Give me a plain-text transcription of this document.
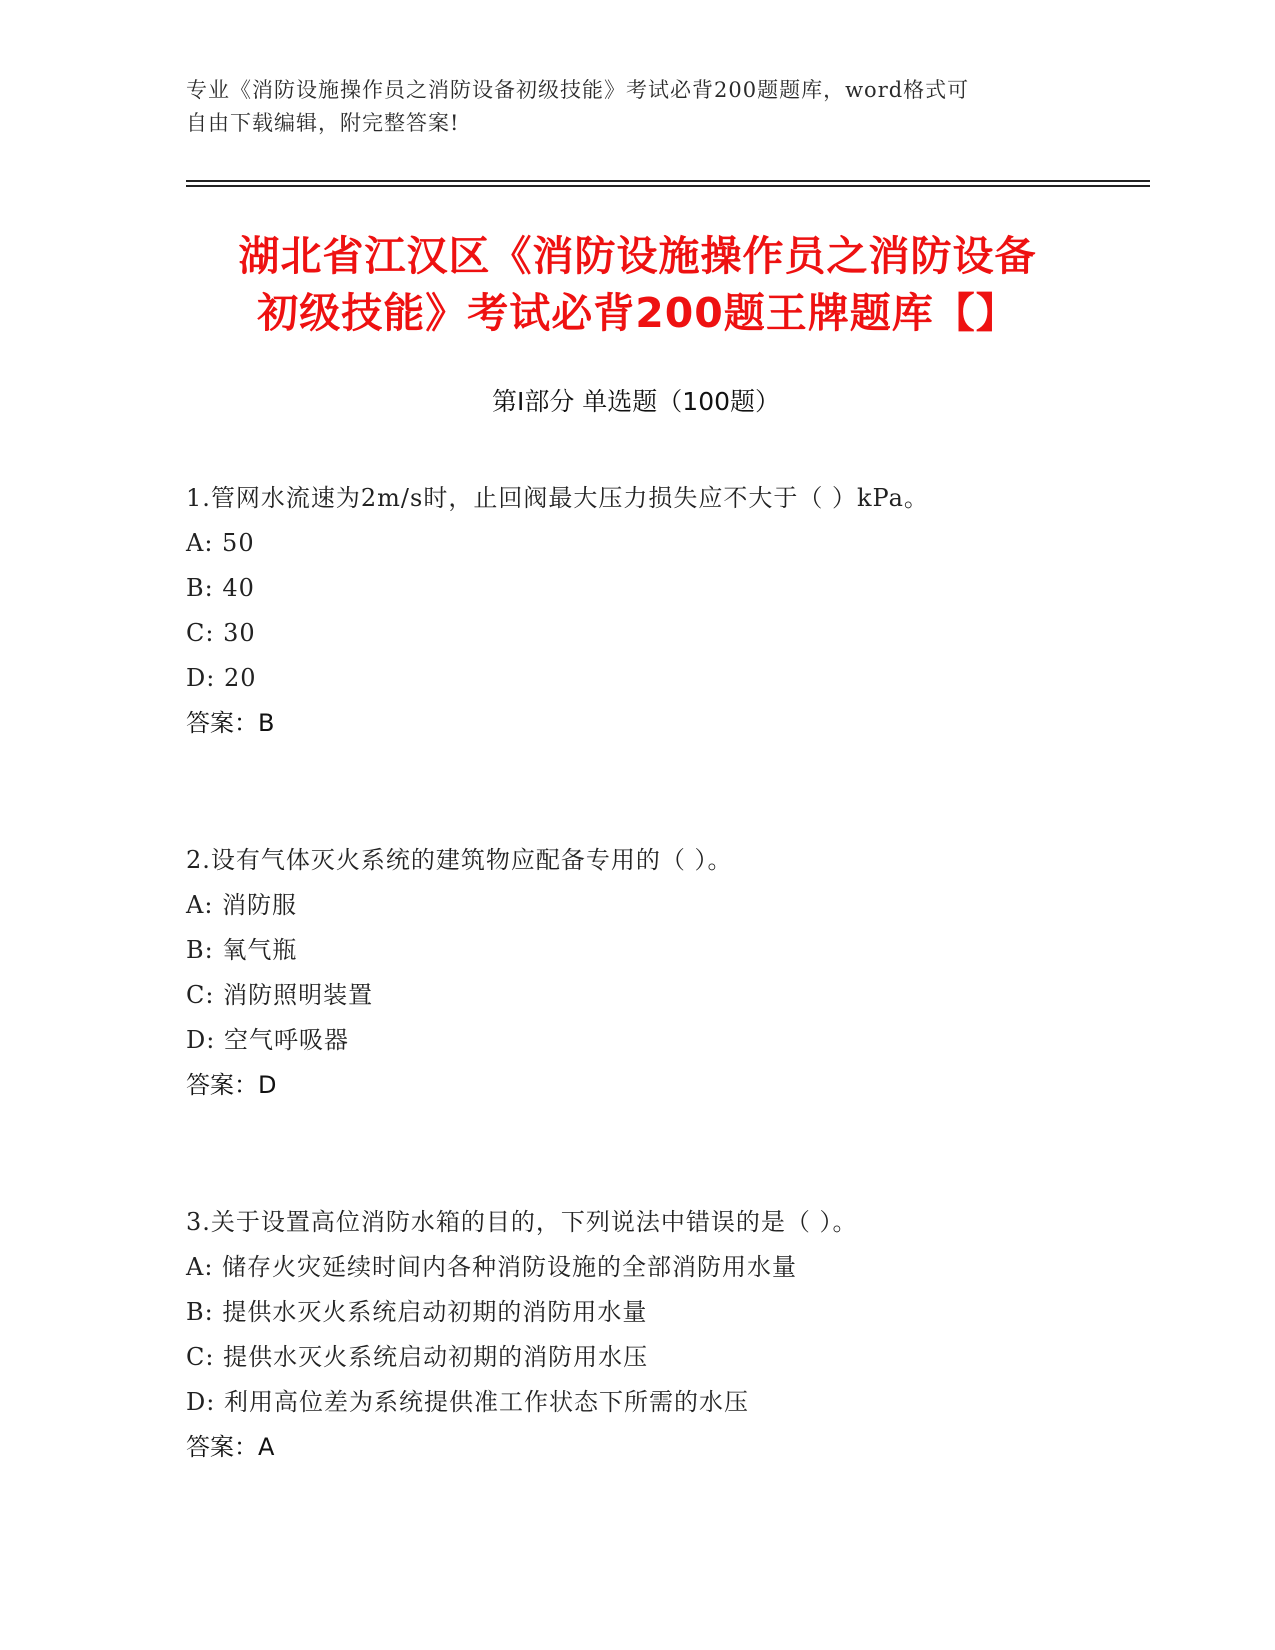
专业《消防设施操作员之消防设备初级技能》考试必背200题题库，word格式可
自由下载编辑，附完整答案!
湖北省江汉区《消防设施操作员之消防设备
初级技能》考试必背200题王牌题库【】
第I部分 单选题（100题）
1.管网水流速为2m/s时，止回阀最大压力损失应不大于（ ）kPa。
A: 50
B: 40
C: 30
D: 20
答案：B
2.设有气体灭火系统的建筑物应配备专用的（ ）。
A: 消防服
B: 氧气瓶
C: 消防照明装置
D: 空气呼吸器
答案：D
3.关于设置高位消防水箱的目的，下列说法中错误的是（ ）。
A: 储存火灾延续时间内各种消防设施的全部消防用水量
B: 提供水灭火系统启动初期的消防用水量
C: 提供水灭火系统启动初期的消防用水压
D: 利用高位差为系统提供准工作状态下所需的水压
答案：A
